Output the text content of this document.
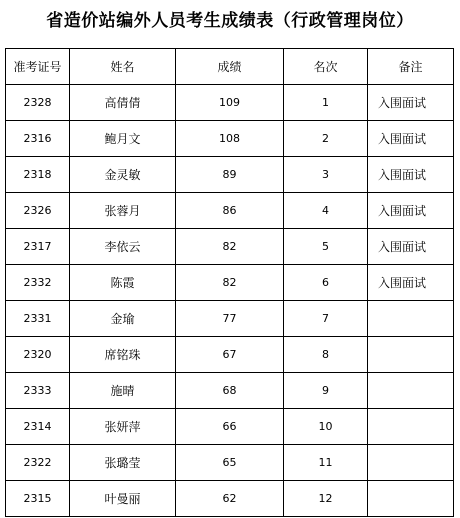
省造价站编外人员考生成绩表（行政管理岗位）
准考证号	姓名	成绩	名次	备注
2328	高倩倩	109	1	入围面试
2316	鲍月文	108	2	入围面试
2318	金灵敏	89	3	入围面试
2326	张蓉月	86	4	入围面试
2317	李依云	82	5	入围面试
2332	陈霞	82	6	入围面试
2331	金瑜	77	7	
2320	席铭珠	67	8	
2333	施晴	68	9	
2314	张妍萍	66	10	
2322	张璐莹	65	11	
2315	叶曼丽	62	12	
